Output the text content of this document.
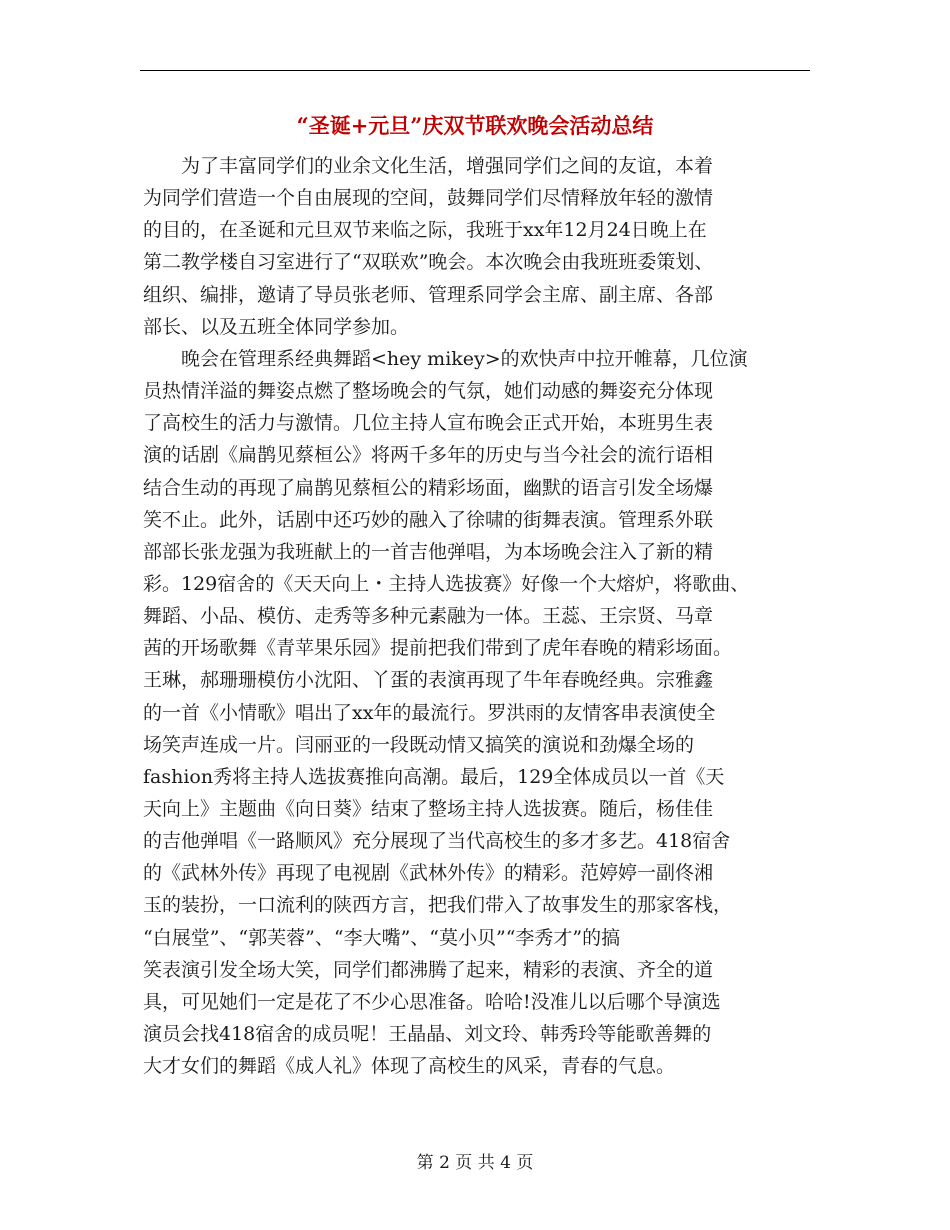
“圣诞+元旦”庆双节联欢晚会活动总结
　　为了丰富同学们的业余文化生活，增强同学们之间的友谊，本着
为同学们营造一个自由展现的空间，鼓舞同学们尽情释放年轻的激情
的目的，在圣诞和元旦双节来临之际，我班于xx年12月24日晚上在
第二教学楼自习室进行了“双联欢”晚会。本次晚会由我班班委策划、
组织、编排，邀请了导员张老师、管理系同学会主席、副主席、各部
部长、以及五班全体同学参加。
　　晚会在管理系经典舞蹈<hey mikey>的欢快声中拉开帷幕，几位演
员热情洋溢的舞姿点燃了整场晚会的气氛，她们动感的舞姿充分体现
了高校生的活力与激情。几位主持人宣布晚会正式开始，本班男生表
演的话剧《扁鹊见蔡桓公》将两千多年的历史与当今社会的流行语相
结合生动的再现了扁鹊见蔡桓公的精彩场面，幽默的语言引发全场爆
笑不止。此外，话剧中还巧妙的融入了徐啸的街舞表演。管理系外联
部部长张龙强为我班献上的一首吉他弹唱，为本场晚会注入了新的精
彩。129宿舍的《天天向上・主持人选拔赛》好像一个大熔炉，将歌曲、
舞蹈、小品、模仿、走秀等多种元素融为一体。王蕊、王宗贤、马章
茜的开场歌舞《青苹果乐园》提前把我们带到了虎年春晚的精彩场面。
王琳，郝珊珊模仿小沈阳、丫蛋的表演再现了牛年春晚经典。宗雅鑫
的一首《小情歌》唱出了xx年的最流行。罗洪雨的友情客串表演使全
场笑声连成一片。闫丽亚的一段既动情又搞笑的演说和劲爆全场的
fashion秀将主持人选拔赛推向高潮。最后，129全体成员以一首《天
天向上》主题曲《向日葵》结束了整场主持人选拔赛。随后，杨佳佳
的吉他弹唱《一路顺风》充分展现了当代高校生的多才多艺。418宿舍
的《武林外传》再现了电视剧《武林外传》的精彩。范婷婷一副佟湘
玉的装扮，一口流利的陕西方言，把我们带入了故事发生的那家客栈，
“白展堂”、“郭芙蓉”、“李大嘴”、“莫小贝”“李秀才”的搞
笑表演引发全场大笑，同学们都沸腾了起来，精彩的表演、齐全的道
具，可见她们一定是花了不少心思准备。哈哈!没准儿以后哪个导演选
演员会找418宿舍的成员呢！王晶晶、刘文玲、韩秀玲等能歌善舞的
大才女们的舞蹈《成人礼》体现了高校生的风采，青春的气息。
第 2 页 共 4 页
